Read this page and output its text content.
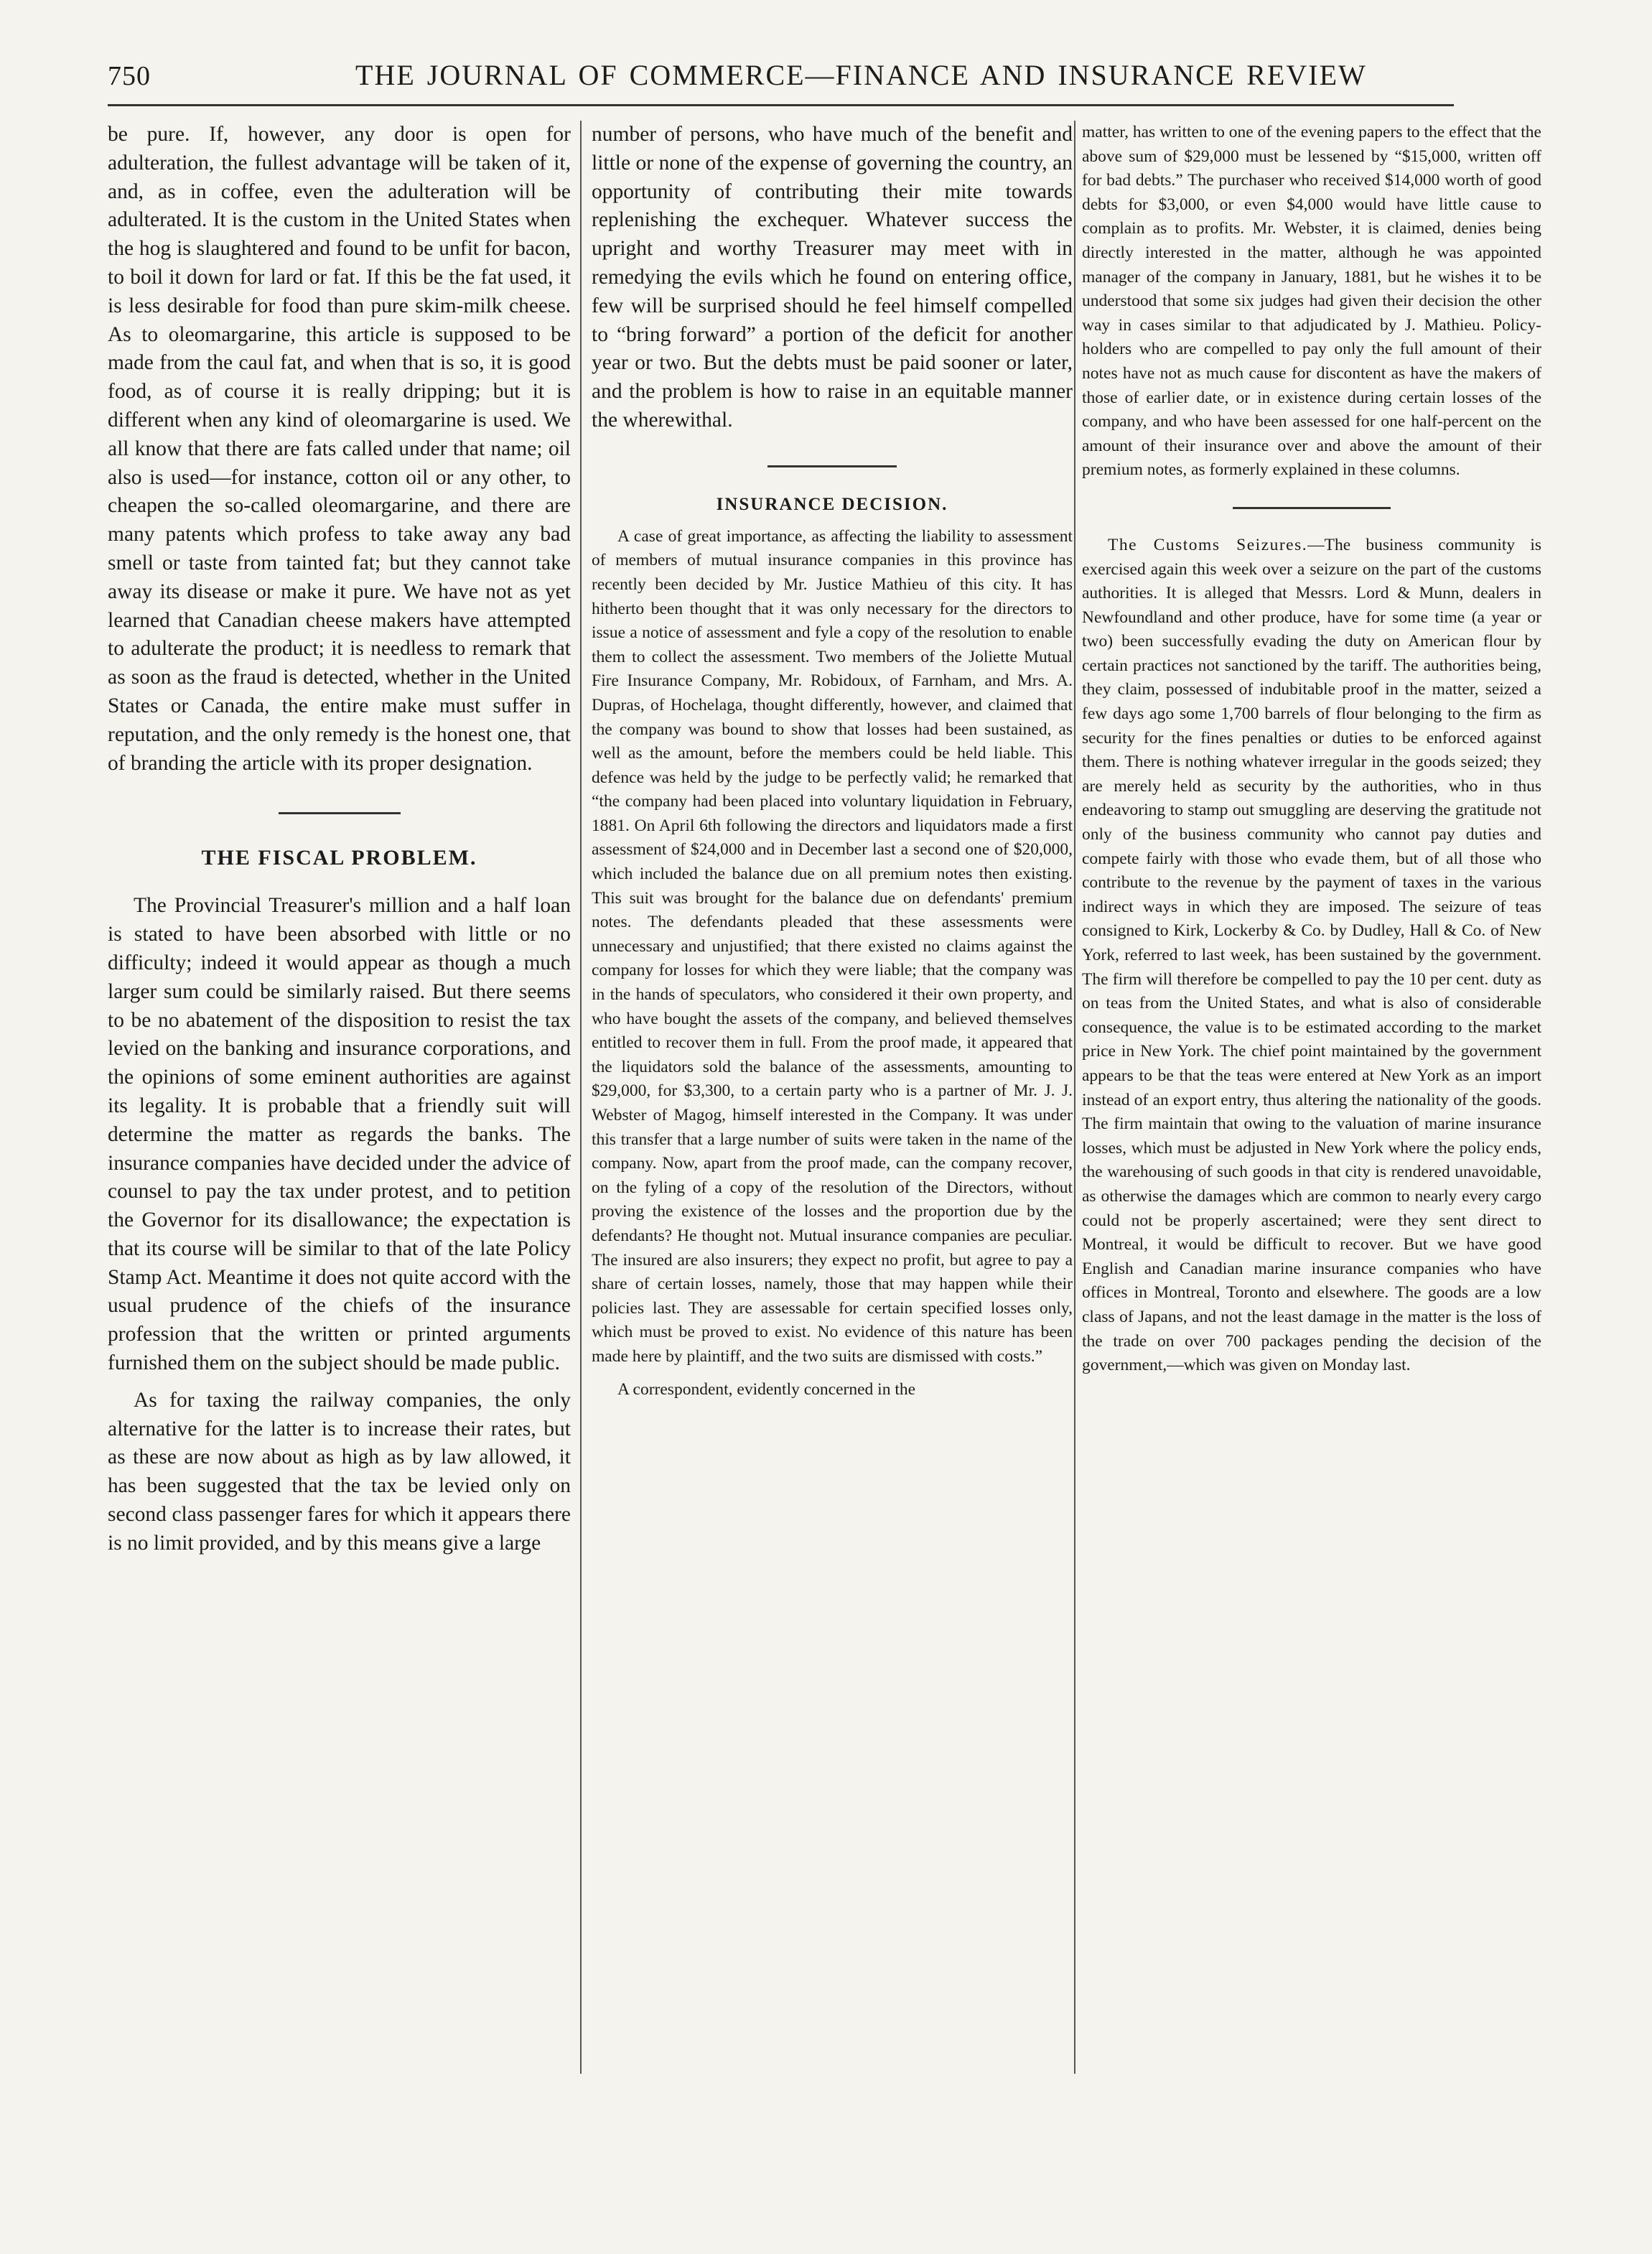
750	THE JOURNAL OF COMMERCE—FINANCE AND INSURANCE REVIEW

be pure. If, however, any door is open for adulteration, the fullest advantage will be taken of it, and, as in coffee, even the adulteration will be adulterated. It is the custom in the United States when the hog is slaughtered and found to be unfit for bacon, to boil it down for lard or fat. If this be the fat used, it is less desirable for food than pure skim-milk cheese. As to oleomargarine, this article is supposed to be made from the caul fat, and when that is so, it is good food, as of course it is really dripping; but it is different when any kind of oleomargarine is used. We all know that there are fats called under that name; oil also is used—for instance, cotton oil or any other, to cheapen the so-called oleomargarine, and there are many patents which profess to take away any bad smell or taste from tainted fat; but they cannot take away its disease or make it pure. We have not as yet learned that Canadian cheese makers have attempted to adulterate the product; it is needless to remark that as soon as the fraud is detected, whether in the United States or Canada, the entire make must suffer in reputation, and the only remedy is the honest one, that of branding the article with its proper designation.

THE FISCAL PROBLEM.

The Provincial Treasurer's million and a half loan is stated to have been absorbed with little or no difficulty; indeed it would appear as though a much larger sum could be similarly raised. But there seems to be no abatement of the disposition to resist the tax levied on the banking and insurance corporations, and the opinions of some eminent authorities are against its legality. It is probable that a friendly suit will determine the matter as regards the banks. The insurance companies have decided under the advice of counsel to pay the tax under protest, and to petition the Governor for its disallowance; the expectation is that its course will be similar to that of the late Policy Stamp Act. Meantime it does not quite accord with the usual prudence of the chiefs of the insurance profession that the written or printed arguments furnished them on the subject should be made public.

As for taxing the railway companies, the only alternative for the latter is to increase their rates, but as these are now about as high as by law allowed, it has been suggested that the tax be levied only on second class passenger fares for which it appears there is no limit provided, and by this means give a large

number of persons, who have much of the benefit and little or none of the expense of governing the country, an opportunity of contributing their mite towards replenishing the exchequer. Whatever success the upright and worthy Treasurer may meet with in remedying the evils which he found on entering office, few will be surprised should he feel himself compelled to “bring forward” a portion of the deficit for another year or two. But the debts must be paid sooner or later, and the problem is how to raise in an equitable manner the wherewithal.

INSURANCE DECISION.

A case of great importance, as affecting the liability to assessment of members of mutual insurance companies in this province has recently been decided by Mr. Justice Mathieu of this city. It has hitherto been thought that it was only necessary for the directors to issue a notice of assessment and fyle a copy of the resolution to enable them to collect the assessment. Two members of the Joliette Mutual Fire Insurance Company, Mr. Robidoux, of Farnham, and Mrs. A. Dupras, of Hochelaga, thought differently, however, and claimed that the company was bound to show that losses had been sustained, as well as the amount, before the members could be held liable. This defence was held by the judge to be perfectly valid; he remarked that “the company had been placed into voluntary liquidation in February, 1881. On April 6th following the directors and liquidators made a first assessment of $24,000 and in December last a second one of $20,000, which included the balance due on all premium notes then existing. This suit was brought for the balance due on defendants' premium notes. The defendants pleaded that these assessments were unnecessary and unjustified; that there existed no claims against the company for losses for which they were liable; that the company was in the hands of speculators, who considered it their own property, and who have bought the assets of the company, and believed themselves entitled to recover them in full. From the proof made, it appeared that the liquidators sold the balance of the assessments, amounting to $29,000, for $3,300, to a certain party who is a partner of Mr. J. J. Webster of Magog, himself interested in the Company. It was under this transfer that a large number of suits were taken in the name of the company. Now, apart from the proof made, can the company recover, on the fyling of a copy of the resolution of the Directors, without proving the existence of the losses and the proportion due by the defendants? He thought not. Mutual insurance companies are peculiar. The insured are also insurers; they expect no profit, but agree to pay a share of certain losses, namely, those that may happen while their policies last. They are assessable for certain specified losses only, which must be proved to exist. No evidence of this nature has been made here by plaintiff, and the two suits are dismissed with costs.”

A correspondent, evidently concerned in the

matter, has written to one of the evening papers to the effect that the above sum of $29,000 must be lessened by “$15,000, written off for bad debts.” The purchaser who received $14,000 worth of good debts for $3,000, or even $4,000 would have little cause to complain as to profits. Mr. Webster, it is claimed, denies being directly interested in the matter, although he was appointed manager of the company in January, 1881, but he wishes it to be understood that some six judges had given their decision the other way in cases similar to that adjudicated by J. Mathieu. Policy-holders who are compelled to pay only the full amount of their notes have not as much cause for discontent as have the makers of those of earlier date, or in existence during certain losses of the company, and who have been assessed for one half-percent on the amount of their insurance over and above the amount of their premium notes, as formerly explained in these columns.

The Customs Seizures.—The business community is exercised again this week over a seizure on the part of the customs authorities. It is alleged that Messrs. Lord & Munn, dealers in Newfoundland and other produce, have for some time (a year or two) been successfully evading the duty on American flour by certain practices not sanctioned by the tariff. The authorities being, they claim, possessed of indubitable proof in the matter, seized a few days ago some 1,700 barrels of flour belonging to the firm as security for the fines penalties or duties to be enforced against them. There is nothing whatever irregular in the goods seized; they are merely held as security by the authorities, who in thus endeavoring to stamp out smuggling are deserving the gratitude not only of the business community who cannot pay duties and compete fairly with those who evade them, but of all those who contribute to the revenue by the payment of taxes in the various indirect ways in which they are imposed. The seizure of teas consigned to Kirk, Lockerby & Co. by Dudley, Hall & Co. of New York, referred to last week, has been sustained by the government. The firm will therefore be compelled to pay the 10 per cent. duty as on teas from the United States, and what is also of considerable consequence, the value is to be estimated according to the market price in New York. The chief point maintained by the government appears to be that the teas were entered at New York as an import instead of an export entry, thus altering the nationality of the goods. The firm maintain that owing to the valuation of marine insurance losses, which must be adjusted in New York where the policy ends, the warehousing of such goods in that city is rendered unavoidable, as otherwise the damages which are common to nearly every cargo could not be properly ascertained; were they sent direct to Montreal, it would be difficult to recover. But we have good English and Canadian marine insurance companies who have offices in Montreal, Toronto and elsewhere. The goods are a low class of Japans, and not the least damage in the matter is the loss of the trade on over 700 packages pending the decision of the government,—which was given on Monday last.
